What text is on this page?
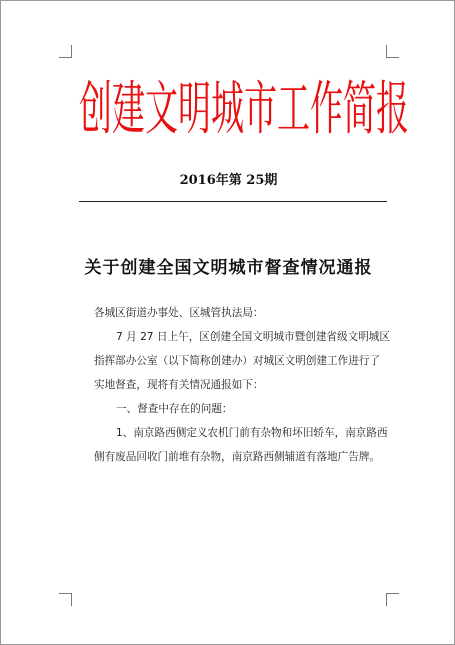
创建文明城市工作简报
2016年第 25期
关于创建全国文明城市督查情况通报

各城区街道办事处、区城管执法局：

7 月 27 日上午，区创建全国文明城市暨创建省级文明城区指挥部办公室（以下简称创建办）对城区文明创建工作进行了实地督查，现将有关情况通报如下：

一、督查中存在的问题：

1、南京路西侧定义农机门前有杂物和坏旧轿车，南京路西侧有废品回收门前堆有杂物，南京路西侧辅道有落地广告牌。
